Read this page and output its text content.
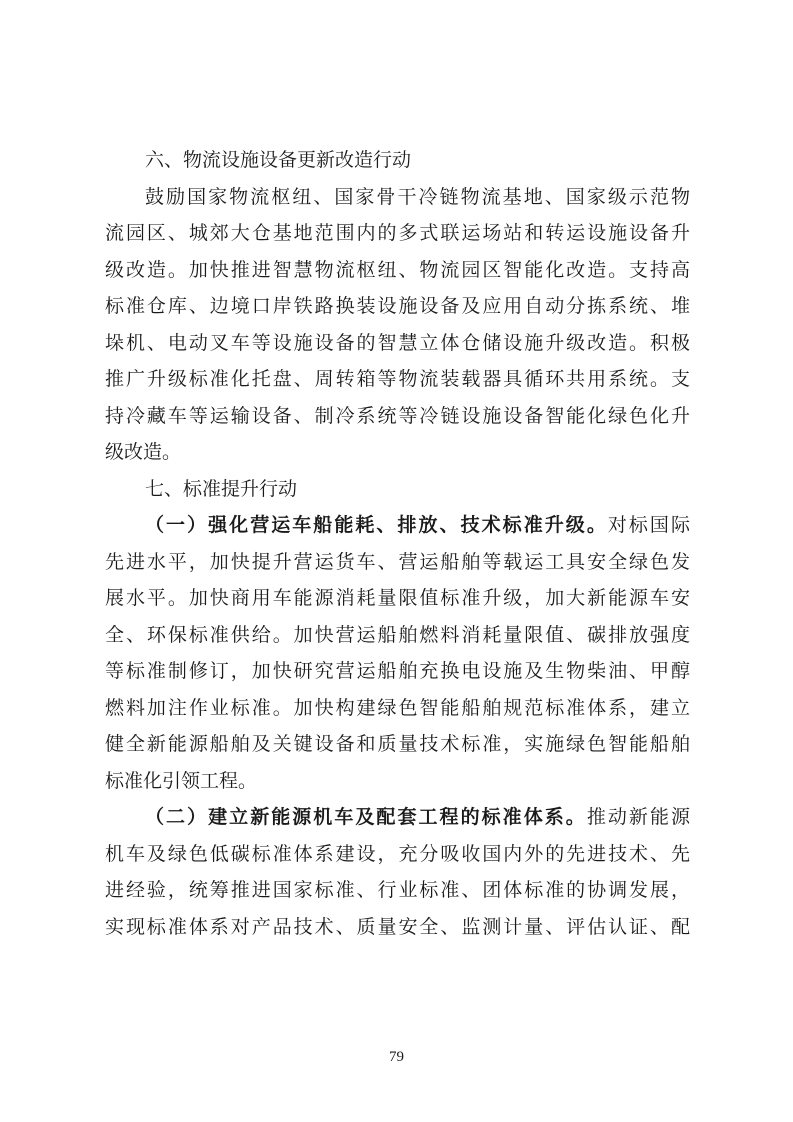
六、物流设施设备更新改造行动
鼓励国家物流枢纽、国家骨干冷链物流基地、国家级示范物
流园区、城郊大仓基地范围内的多式联运场站和转运设施设备升
级改造。加快推进智慧物流枢纽、物流园区智能化改造。支持高
标准仓库、边境口岸铁路换装设施设备及应用自动分拣系统、堆
垛机、电动叉车等设施设备的智慧立体仓储设施升级改造。积极
推广升级标准化托盘、周转箱等物流装载器具循环共用系统。支
持冷藏车等运输设备、制冷系统等冷链设施设备智能化绿色化升
级改造。
七、标准提升行动
（一）强化营运车船能耗、排放、技术标准升级。对标国际
先进水平，加快提升营运货车、营运船舶等载运工具安全绿色发
展水平。加快商用车能源消耗量限值标准升级，加大新能源车安
全、环保标准供给。加快营运船舶燃料消耗量限值、碳排放强度
等标准制修订，加快研究营运船舶充换电设施及生物柴油、甲醇
燃料加注作业标准。加快构建绿色智能船舶规范标准体系，建立
健全新能源船舶及关键设备和质量技术标准，实施绿色智能船舶
标准化引领工程。
（二）建立新能源机车及配套工程的标准体系。推动新能源
机车及绿色低碳标准体系建设，充分吸收国内外的先进技术、先
进经验，统筹推进国家标准、行业标准、团体标准的协调发展，
实现标准体系对产品技术、质量安全、监测计量、评估认证、配
79
